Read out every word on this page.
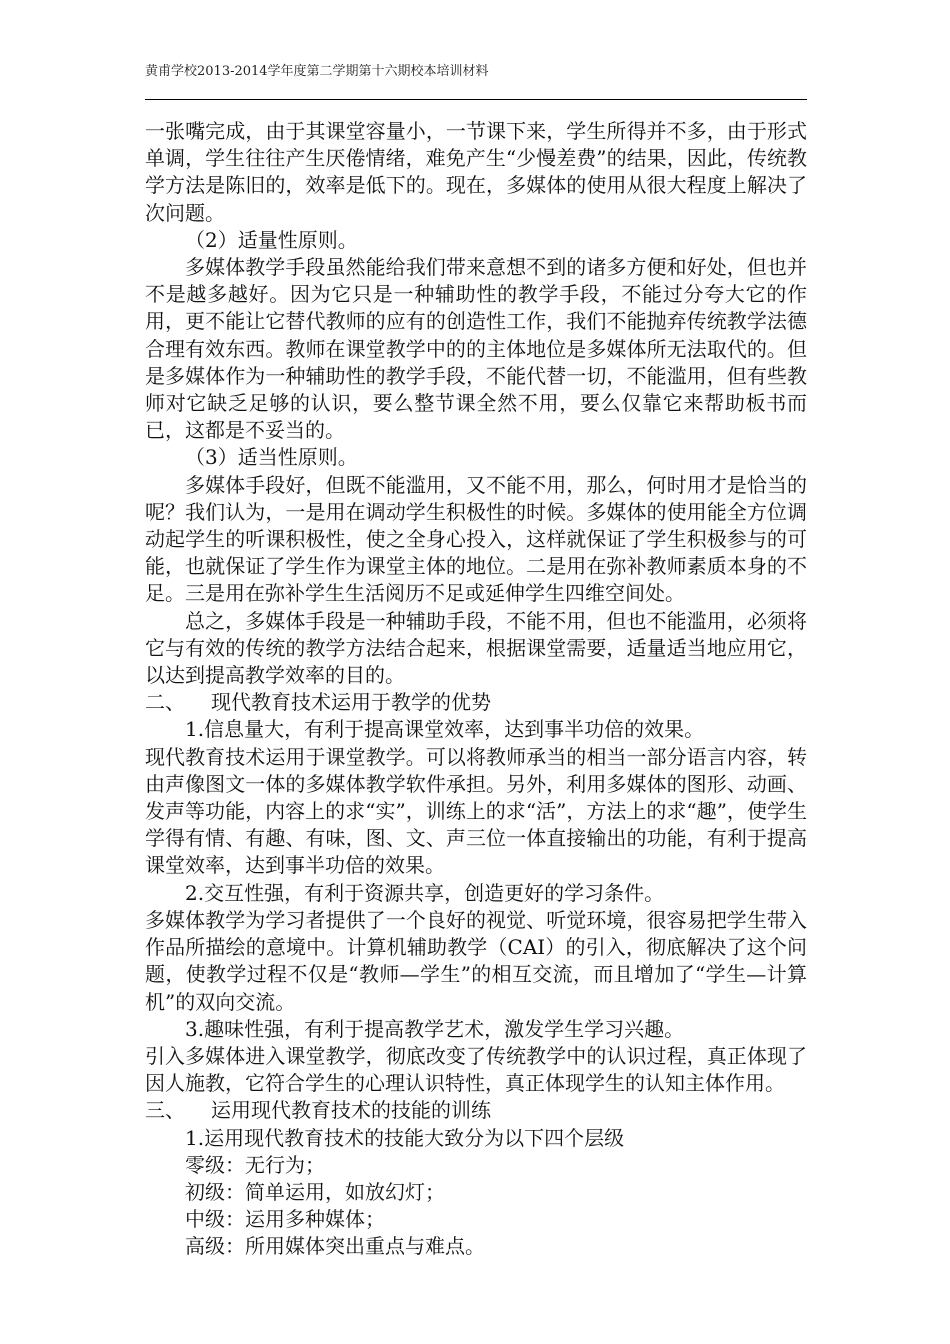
黄甫学校2013-2014学年度第二学期第十六期校本培训材料

一张嘴完成，由于其课堂容量小，一节课下来，学生所得并不多，由于形式单调，学生往往产生厌倦情绪，难免产生“少慢差费”的结果，因此，传统教学方法是陈旧的，效率是低下的。现在，多媒体的使用从很大程度上解决了次问题。

（2）适量性原则。

多媒体教学手段虽然能给我们带来意想不到的诸多方便和好处，但也并不是越多越好。因为它只是一种辅助性的教学手段，不能过分夸大它的作用，更不能让它替代教师的应有的创造性工作，我们不能抛弃传统教学法德合理有效东西。教师在课堂教学中的的主体地位是多媒体所无法取代的。但是多媒体作为一种辅助性的教学手段，不能代替一切，不能滥用，但有些教师对它缺乏足够的认识，要么整节课全然不用，要么仅靠它来帮助板书而已，这都是不妥当的。

（3）适当性原则。

多媒体手段好，但既不能滥用，又不能不用，那么，何时用才是恰当的呢？我们认为，一是用在调动学生积极性的时候。多媒体的使用能全方位调动起学生的听课积极性，使之全身心投入，这样就保证了学生积极参与的可能，也就保证了学生作为课堂主体的地位。二是用在弥补教师素质本身的不足。三是用在弥补学生生活阅历不足或延伸学生四维空间处。

总之，多媒体手段是一种辅助手段，不能不用，但也不能滥用，必须将它与有效的传统的教学方法结合起来，根据课堂需要，适量适当地应用它，以达到提高教学效率的目的。

二、 现代教育技术运用于教学的优势

1.信息量大，有利于提高课堂效率，达到事半功倍的效果。

现代教育技术运用于课堂教学。可以将教师承当的相当一部分语言内容，转由声像图文一体的多媒体教学软件承担。另外，利用多媒体的图形、动画、发声等功能，内容上的求“实”，训练上的求“活”，方法上的求“趣”，使学生学得有情、有趣、有味，图、文、声三位一体直接输出的功能，有利于提高课堂效率，达到事半功倍的效果。

2.交互性强，有利于资源共享，创造更好的学习条件。

多媒体教学为学习者提供了一个良好的视觉、听觉环境，很容易把学生带入作品所描绘的意境中。计算机辅助教学（CAI）的引入，彻底解决了这个问题，使教学过程不仅是“教师—学生”的相互交流，而且增加了“学生—计算机”的双向交流。

3.趣味性强，有利于提高教学艺术，激发学生学习兴趣。

引入多媒体进入课堂教学，彻底改变了传统教学中的认识过程，真正体现了因人施教，它符合学生的心理认识特性，真正体现学生的认知主体作用。

三、 运用现代教育技术的技能的训练

1.运用现代教育技术的技能大致分为以下四个层级

零级：无行为；

初级：简单运用，如放幻灯；

中级：运用多种媒体；

高级：所用媒体突出重点与难点。
